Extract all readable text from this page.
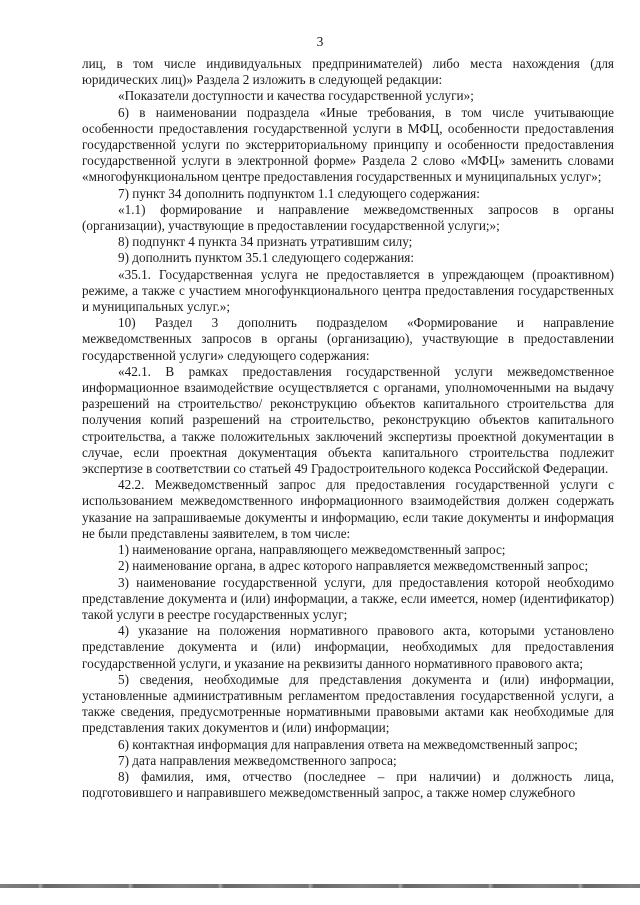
3

лиц, в том числе индивидуальных предпринимателей) либо места нахождения (для юридических лиц)» Раздела 2 изложить в следующей редакции:

«Показатели доступности и качества государственной услуги»;

6) в наименовании подраздела «Иные требования, в том числе учитывающие особенности предоставления государственной услуги в МФЦ, особенности предоставления государственной услуги по экстерриториальному принципу и особенности предоставления государственной услуги в электронной форме» Раздела 2 слово «МФЦ» заменить словами «многофункциональном центре предоставления государственных и муниципальных услуг»;

7) пункт 34 дополнить подпунктом 1.1 следующего содержания:

«1.1) формирование и направление межведомственных запросов в органы (организации), участвующие в предоставлении государственной услуги;»;

8) подпункт 4 пункта 34 признать утратившим силу;

9) дополнить пунктом 35.1 следующего содержания:

«35.1. Государственная услуга не предоставляется в упреждающем (проактивном) режиме, а также с участием многофункционального центра предоставления государственных и муниципальных услуг.»;

10) Раздел 3 дополнить подразделом «Формирование и направление межведомственных запросов в органы (организацию), участвующие в предоставлении государственной услуги» следующего содержания:

«42.1. В рамках предоставления государственной услуги межведомственное информационное взаимодействие осуществляется с органами, уполномоченными на выдачу разрешений на строительство/ реконструкцию объектов капитального строительства для получения копий разрешений на строительство, реконструкцию объектов капитального строительства, а также положительных заключений экспертизы проектной документации в случае, если проектная документация объекта капитального строительства подлежит экспертизе в соответствии со статьей 49 Градостроительного кодекса Российской Федерации.

42.2. Межведомственный запрос для предоставления государственной услуги с использованием межведомственного информационного взаимодействия должен содержать указание на запрашиваемые документы и информацию, если такие документы и информация не были представлены заявителем, в том числе:

1) наименование органа, направляющего межведомственный запрос;

2) наименование органа, в адрес которого направляется межведомственный запрос;

3) наименование государственной услуги, для предоставления которой необходимо представление документа и (или) информации, а также, если имеется, номер (идентификатор) такой услуги в реестре государственных услуг;

4) указание на положения нормативного правового акта, которыми установлено представление документа и (или) информации, необходимых для предоставления государственной услуги, и указание на реквизиты данного нормативного правового акта;

5) сведения, необходимые для представления документа и (или) информации, установленные административным регламентом предоставления государственной услуги, а также сведения, предусмотренные нормативными правовыми актами как необходимые для представления таких документов и (или) информации;

6) контактная информация для направления ответа на межведомственный запрос;

7) дата направления межведомственного запроса;

8) фамилия, имя, отчество (последнее – при наличии) и должность лица, подготовившего и направившего межведомственный запрос, а также номер служебного
